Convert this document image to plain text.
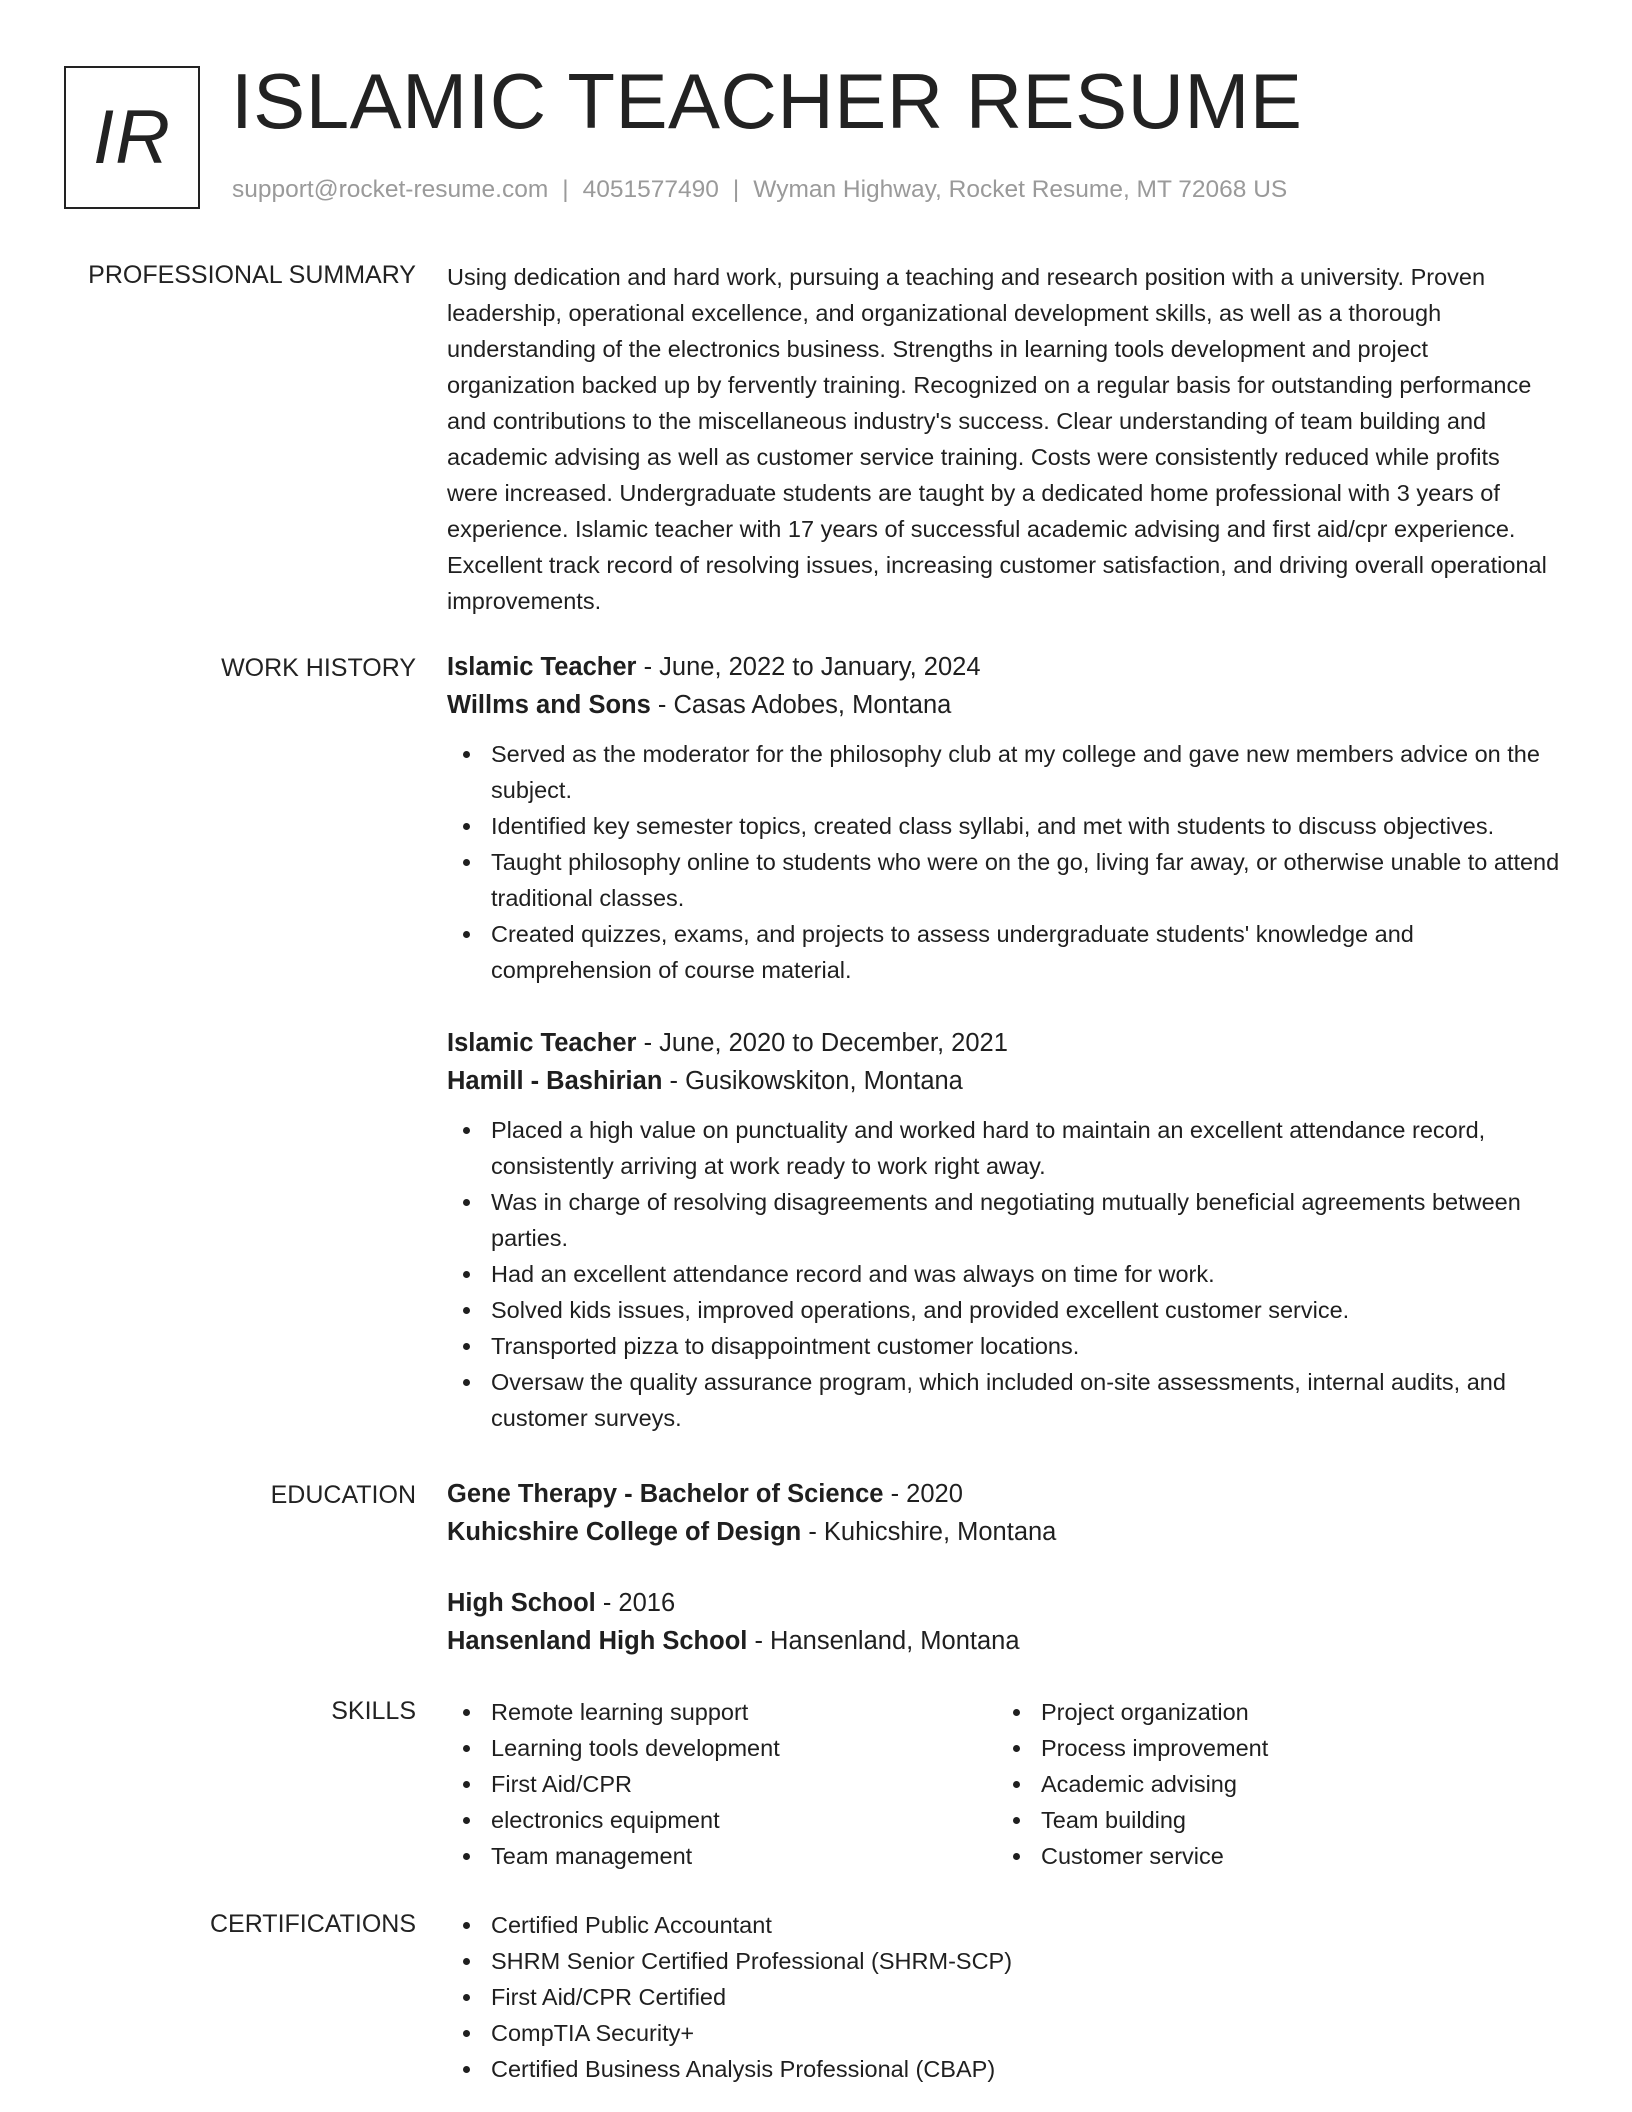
IR ISLAMIC TEACHER RESUME
support@rocket-resume.com | 4051577490 | Wyman Highway, Rocket Resume, MT 72068 US
PROFESSIONAL SUMMARY Using dedication and hard work, pursuing a teaching and research position with a university. Proven leadership, operational excellence, and organizational development skills, as well as a thorough understanding of the electronics business. Strengths in learning tools development and project organization backed up by fervently training. Recognized on a regular basis for outstanding performance and contributions to the miscellaneous industry's success. Clear understanding of team building and academic advising as well as customer service training. Costs were consistently reduced while profits were increased. Undergraduate students are taught by a dedicated home professional with 3 years of experience. Islamic teacher with 17 years of successful academic advising and first aid/cpr experience. Excellent track record of resolving issues, increasing customer satisfaction, and driving overall operational improvements.
WORK HISTORY Islamic Teacher - June, 2022 to January, 2024
Willms and Sons - Casas Adobes, Montana
Served as the moderator for the philosophy club at my college and gave new members advice on the subject.
Identified key semester topics, created class syllabi, and met with students to discuss objectives.
Taught philosophy online to students who were on the go, living far away, or otherwise unable to attend traditional classes.
Created quizzes, exams, and projects to assess undergraduate students' knowledge and comprehension of course material.
Islamic Teacher - June, 2020 to December, 2021
Hamill - Bashirian - Gusikowskiton, Montana
Placed a high value on punctuality and worked hard to maintain an excellent attendance record, consistently arriving at work ready to work right away.
Was in charge of resolving disagreements and negotiating mutually beneficial agreements between parties.
Had an excellent attendance record and was always on time for work.
Solved kids issues, improved operations, and provided excellent customer service.
Transported pizza to disappointment customer locations.
Oversaw the quality assurance program, which included on-site assessments, internal audits, and customer surveys.
EDUCATION Gene Therapy - Bachelor of Science - 2020
Kuhicshire College of Design - Kuhicshire, Montana
High School - 2016
Hansenland High School - Hansenland, Montana
SKILLS	Remote learning support
Learning tools development
First Aid/CPR
electronics equipment
Team management
Project organization
Process improvement
Academic advising
Team building
Customer service
CERTIFICATIONS	Certified Public Accountant
SHRM Senior Certified Professional (SHRM-SCP)
First Aid/CPR Certified
CompTIA Security+
Certified Business Analysis Professional (CBAP)
